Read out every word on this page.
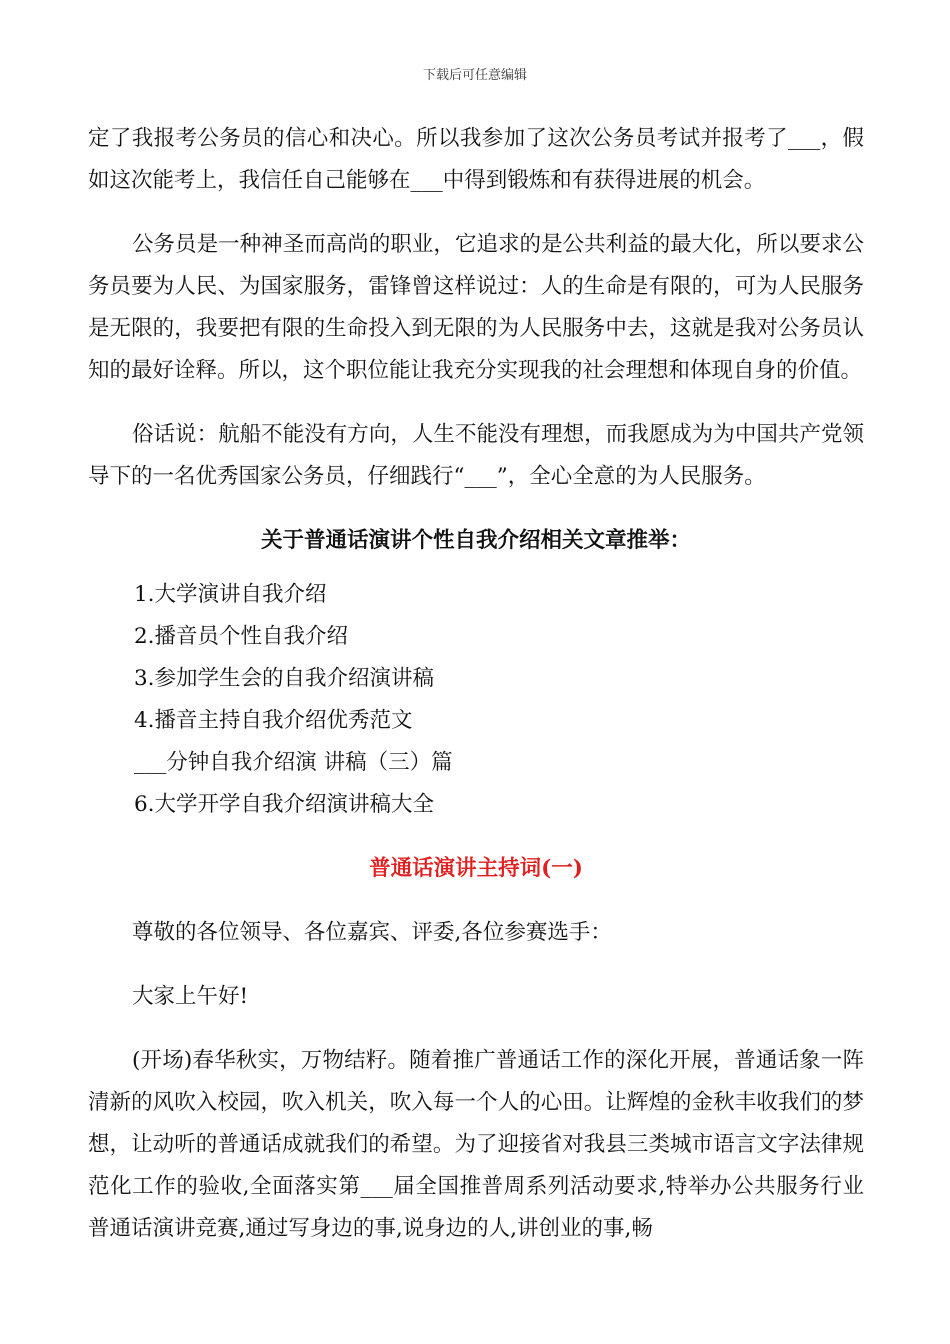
下载后可任意编辑

定了我报考公务员的信心和决心。所以我参加了这次公务员考试并报考了___，假如这次能考上，我信任自己能够在___中得到锻炼和有获得进展的机会。

公务员是一种神圣而高尚的职业，它追求的是公共利益的最大化，所以要求公务员要为人民、为国家服务，雷锋曾这样说过：人的生命是有限的，可为人民服务是无限的，我要把有限的生命投入到无限的为人民服务中去，这就是我对公务员认知的最好诠释。所以，这个职位能让我充分实现我的社会理想和体现自身的价值。

俗话说：航船不能没有方向，人生不能没有理想，而我愿成为为中国共产党领导下的一名优秀国家公务员，仔细践行“___”，全心全意的为人民服务。

关于普通话演讲个性自我介绍相关文章推举：
1.大学演讲自我介绍
2.播音员个性自我介绍
3.参加学生会的自我介绍演讲稿
4.播音主持自我介绍优秀范文
___分钟自我介绍演 讲稿（三）篇
6.大学开学自我介绍演讲稿大全
普通话演讲主持词(一)

尊敬的各位领导、各位嘉宾、评委,各位参赛选手：

大家上午好!

(开场)春华秋实，万物结籽。随着推广普通话工作的深化开展，普通话象一阵清新的风吹入校园，吹入机关，吹入每一个人的心田。让辉煌的金秋丰收我们的梦想，让动听的普通话成就我们的希望。为了迎接省对我县三类城市语言文字法律规范化工作的验收,全面落实第___届全国推普周系列活动要求,特举办公共服务行业普通话演讲竞赛,通过写身边的事,说身边的人,讲创业的事,畅
